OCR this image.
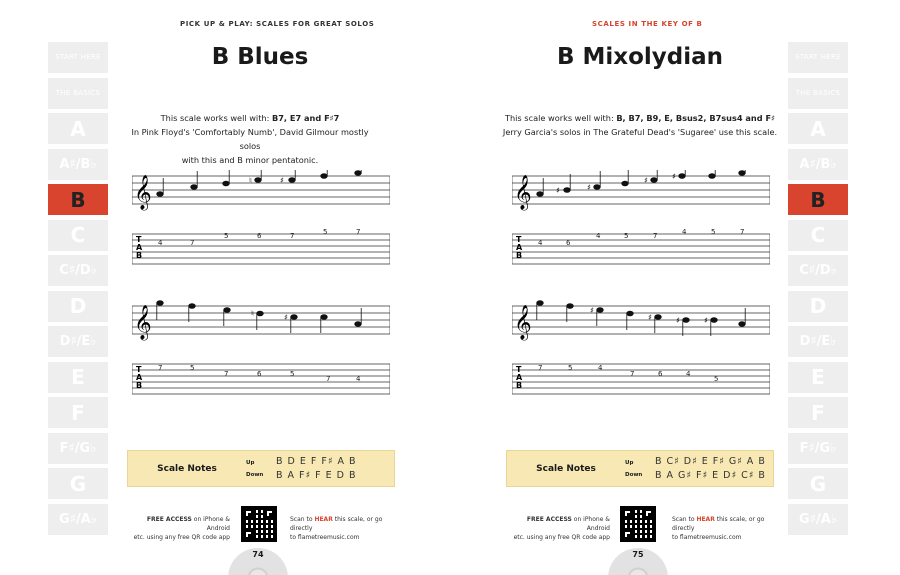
PICK UP & PLAY: SCALES FOR GREAT SOLOS
START HERE
THE BASICS
A
A♯/B♭
B
C
C♯/D♭
D
D♯/E♭
E
F
F♯/G♭
G
G♯/A♭
B Blues
This scale works well with: B7, E7 and F♯7
In Pink Floyd's 'Comfortably Numb', David Gilmour mostly solos
with this and B minor pentatonic.
𝄞
T
A
B
♮	♯
4	7
5	6	7	5	7
𝄞
T
A
B
♮	♯
7	5
7	6	5
7	4
Scale Notes
Up
Down
B D E F F♯ A B
B A F♯ F E D B
FREE ACCESS on iPhone & Android
etc. using any free QR code app
Scan to HEAR this scale, or go directly
to flametreemusic.com
74
SCALES IN THE KEY OF B
B Mixolydian
This scale works well with: B, B7, B9, E, Bsus2, B7sus4 and F♯
Jerry Garcia's solos in The Grateful Dead's 'Sugaree' use this scale.
Scale Notes
Up
Down
B C♯ D♯ E F♯ G♯ A B
B A G♯ F♯ E D♯ C♯ B
FREE ACCESS on iPhone & Android
etc. using any free QR code app
Scan to HEAR this scale, or go directly
to flametreemusic.com
75
𝄞
T
A
B
♯	♯
♯	♯
4	6
4	5	7	4	5	7
𝄞
T
A
B
♯
♯	♯	♯
7	5	4
7	6	4
5
START HERE
THE BASICS
A
A♯/B♭
B
C
C♯/D♭
D
D♯/E♭
E
F
F♯/G♭
G
G♯/A♭
